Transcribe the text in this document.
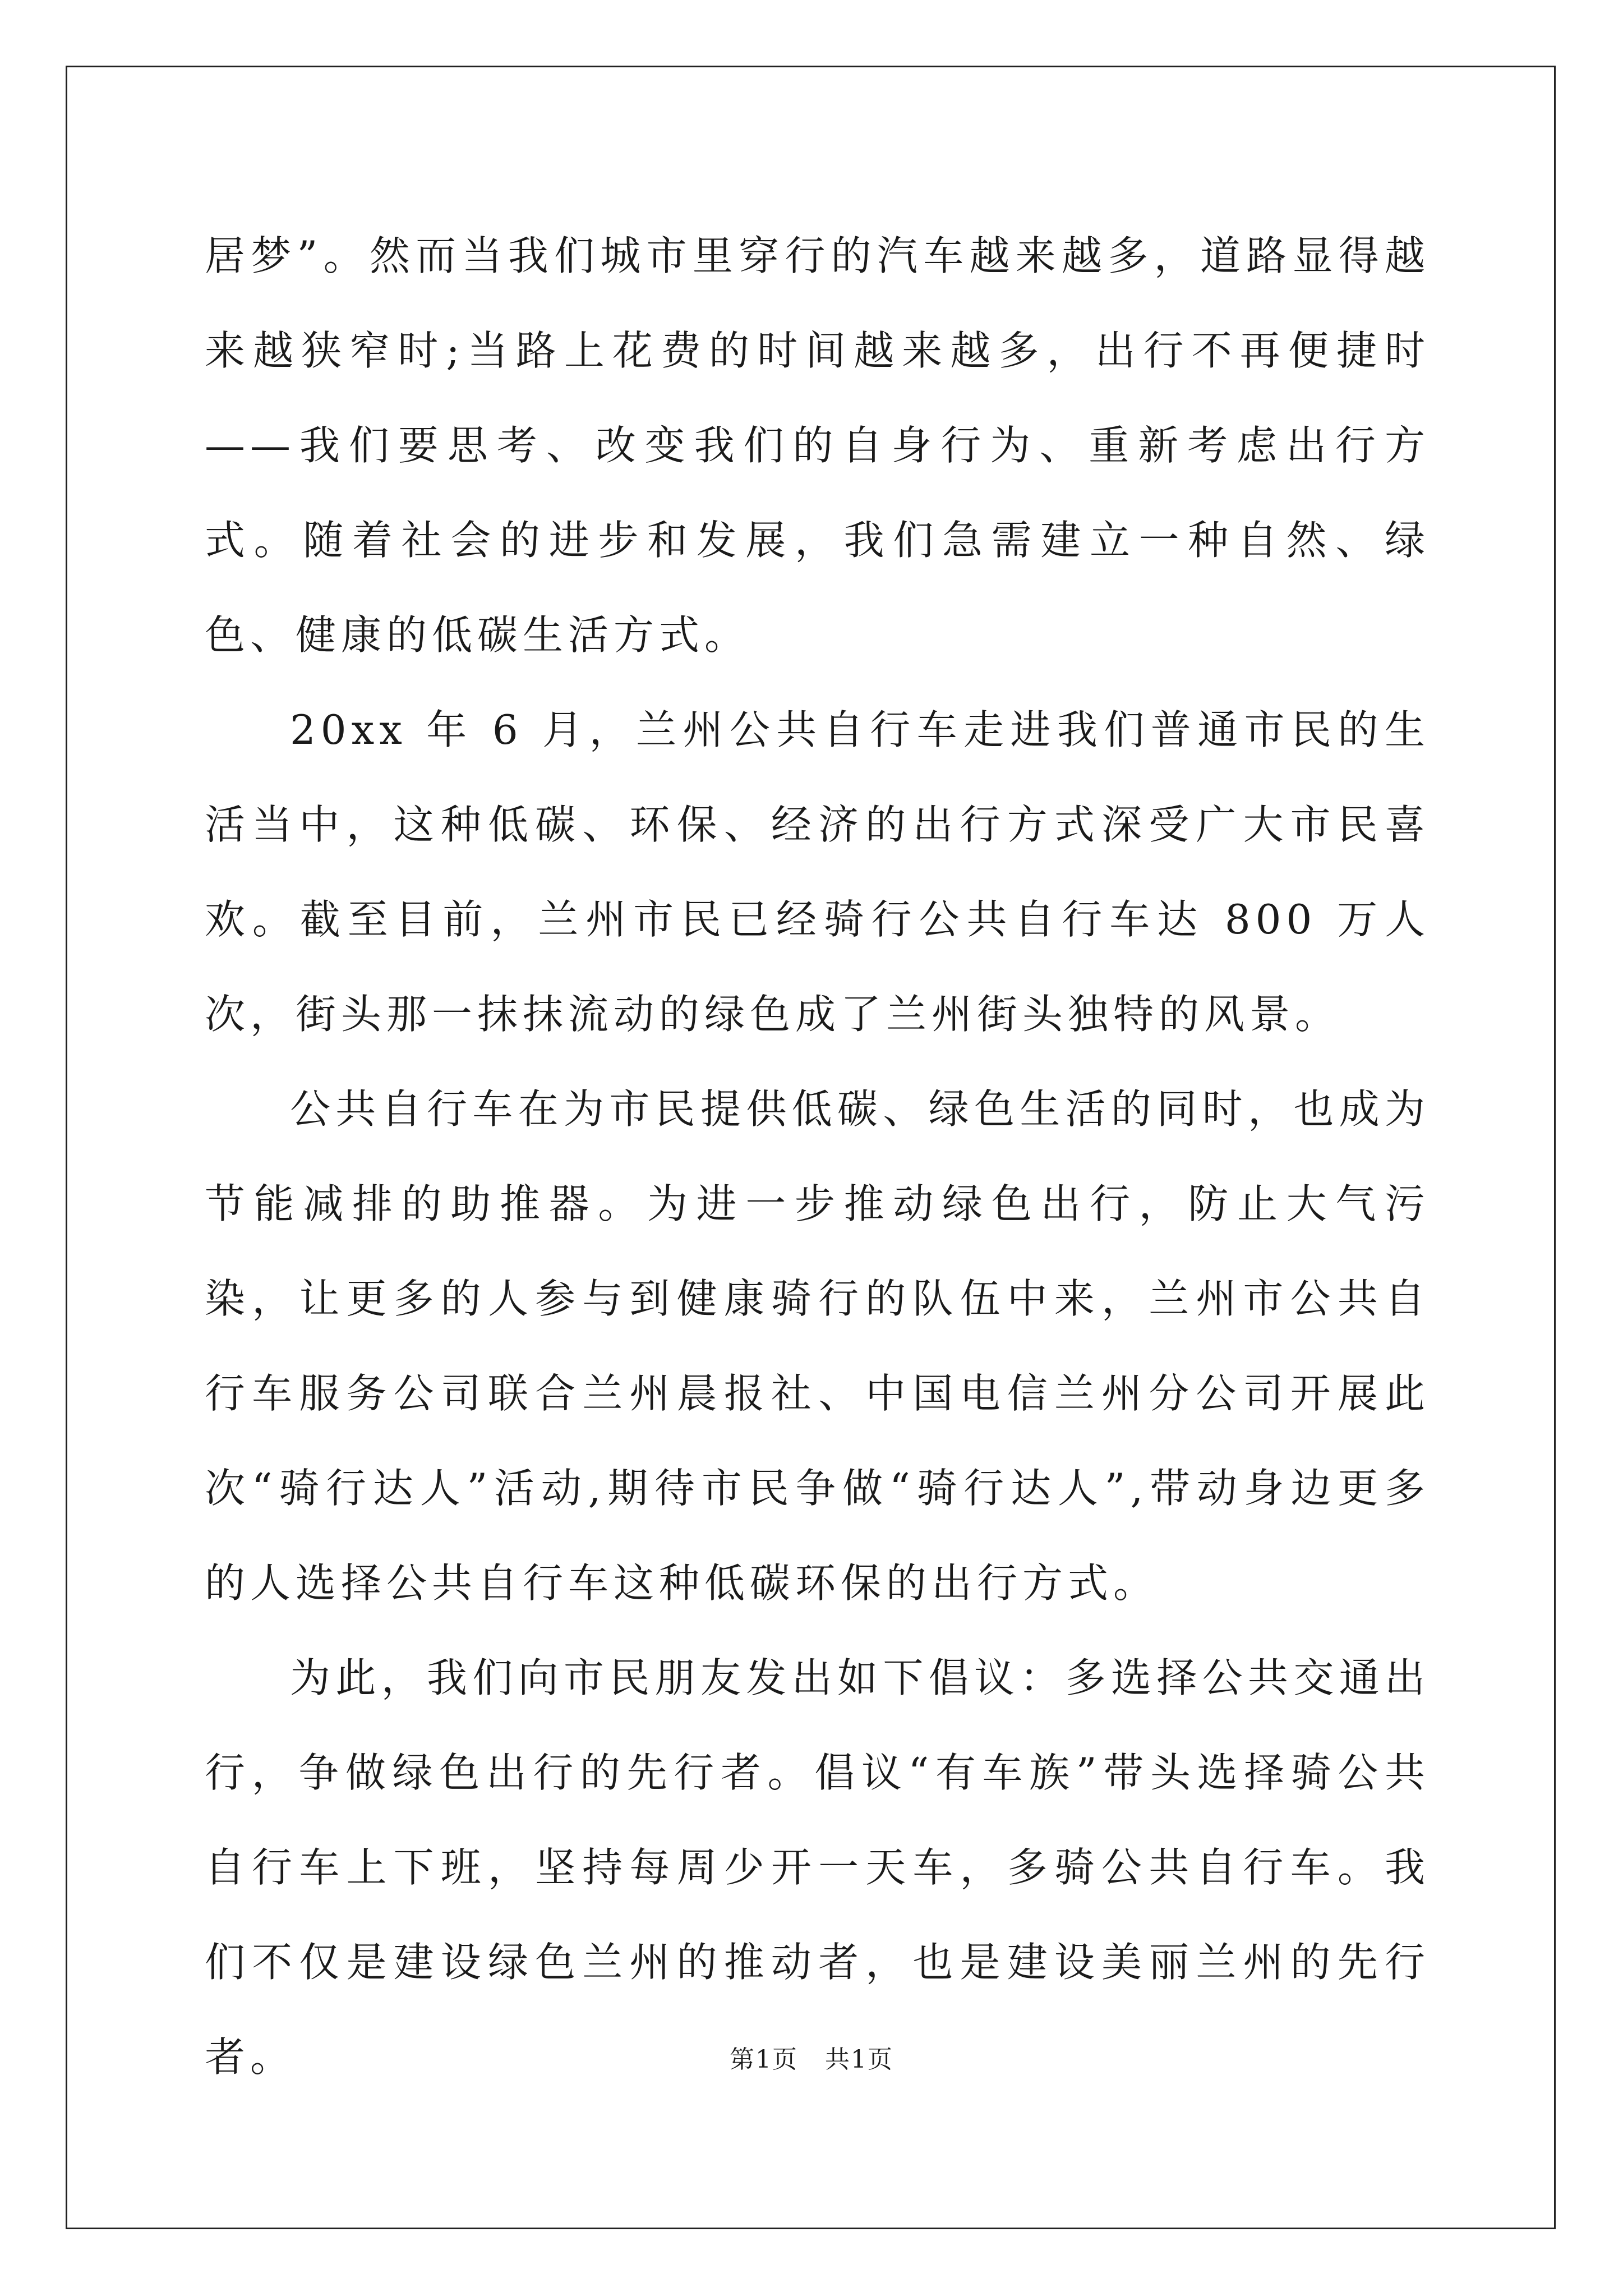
居梦”。然而当我们城市里穿行的汽车越来越多，道路显得越来越狭窄时;当路上花费的时间越来越多，出行不再便捷时——我们要思考、改变我们的自身行为、重新考虑出行方式。随着社会的进步和发展，我们急需建立一种自然、绿色、健康的低碳生活方式。

20xx 年 6 月，兰州公共自行车走进我们普通市民的生活当中，这种低碳、环保、经济的出行方式深受广大市民喜欢。截至目前，兰州市民已经骑行公共自行车达 800 万人次，街头那一抹抹流动的绿色成了兰州街头独特的风景。

公共自行车在为市民提供低碳、绿色生活的同时，也成为节能减排的助推器。为进一步推动绿色出行，防止大气污染，让更多的人参与到健康骑行的队伍中来，兰州市公共自行车服务公司联合兰州晨报社、中国电信兰州分公司开展此次“骑行达人”活动,期待市民争做“骑行达人”,带动身边更多的人选择公共自行车这种低碳环保的出行方式。

为此，我们向市民朋友发出如下倡议：多选择公共交通出行，争做绿色出行的先行者。倡议“有车族”带头选择骑公共自行车上下班，坚持每周少开一天车，多骑公共自行车。我们不仅是建设绿色兰州的推动者，也是建设美丽兰州的先行者。	第1页 共1页
